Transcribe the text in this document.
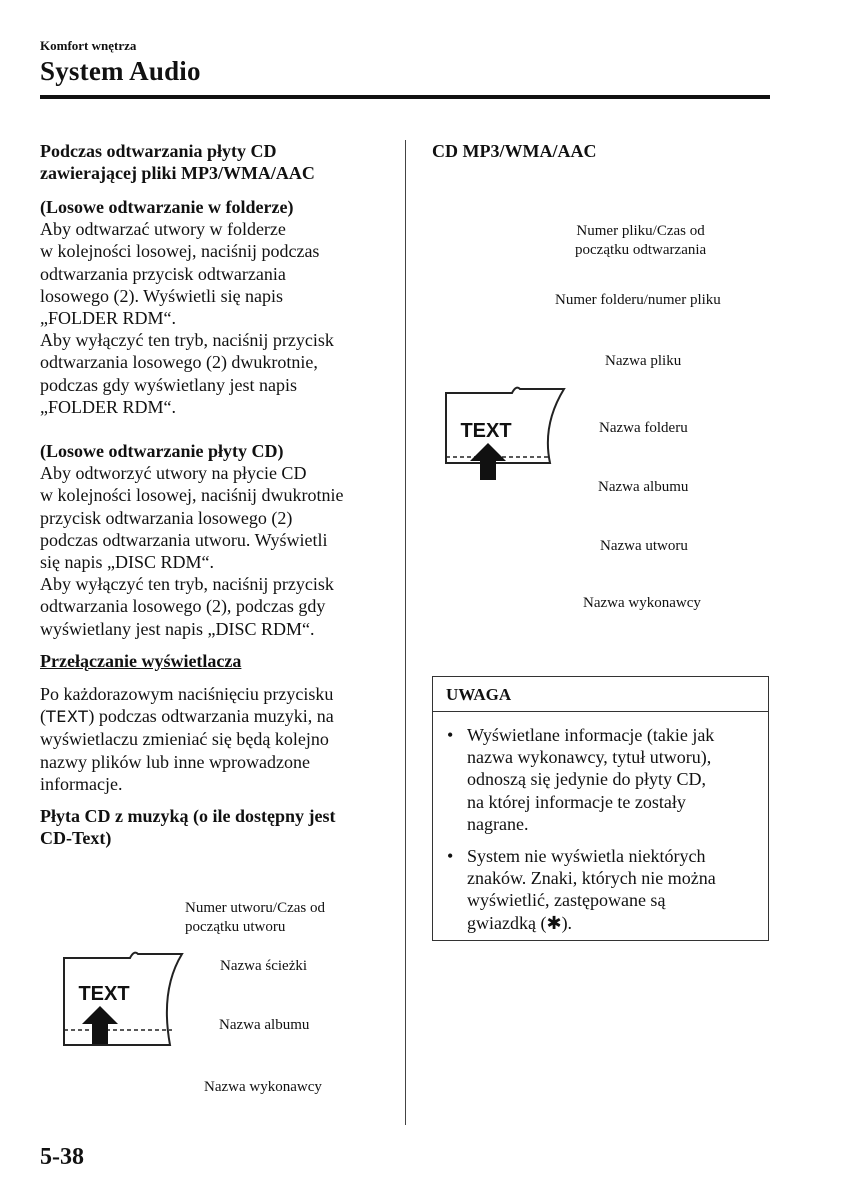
Komfort wnętrza
System Audio
Podczas odtwarzania płyty CD
zawierającej pliki MP3/WMA/AAC
(Losowe odtwarzanie w folderze)
Aby odtwarzać utwory w folderze
w kolejności losowej, naciśnij podczas
odtwarzania przycisk odtwarzania
losowego (2). Wyświetli się napis
„FOLDER RDM“.
Aby wyłączyć ten tryb, naciśnij przycisk
odtwarzania losowego (2) dwukrotnie,
podczas gdy wyświetlany jest napis
„FOLDER RDM“.
(Losowe odtwarzanie płyty CD)
Aby odtworzyć utwory na płycie CD
w kolejności losowej, naciśnij dwukrotnie
przycisk odtwarzania losowego (2)
podczas odtwarzania utworu. Wyświetli
się napis „DISC RDM“.
Aby wyłączyć ten tryb, naciśnij przycisk
odtwarzania losowego (2), podczas gdy
wyświetlany jest napis „DISC RDM“.
Przełączanie wyświetlacza
Po każdorazowym naciśnięciu przycisku
(TEXT) podczas odtwarzania muzyki, na
wyświetlaczu zmieniać się będą kolejno
nazwy plików lub inne wprowadzone
informacje.
Płyta CD z muzyką (o ile dostępny jest
CD-Text)
TEXT
Numer utworu/Czas od
początku utworu
Nazwa ścieżki
Nazwa albumu
Nazwa wykonawcy
CD MP3/WMA/AAC
Numer pliku/Czas od
początku odtwarzania
Numer folderu/numer pliku
Nazwa pliku
Nazwa folderu
Nazwa albumu
Nazwa utworu
Nazwa wykonawcy
TEXT
UWAGA
• Wyświetlane informacje (takie jak
nazwa wykonawcy, tytuł utworu),
odnoszą się jedynie do płyty CD,
na której informacje te zostały
nagrane.
• System nie wyświetla niektórych
znaków. Znaki, których nie można
wyświetlić, zastępowane są
gwiazdką (✱).
5-38
